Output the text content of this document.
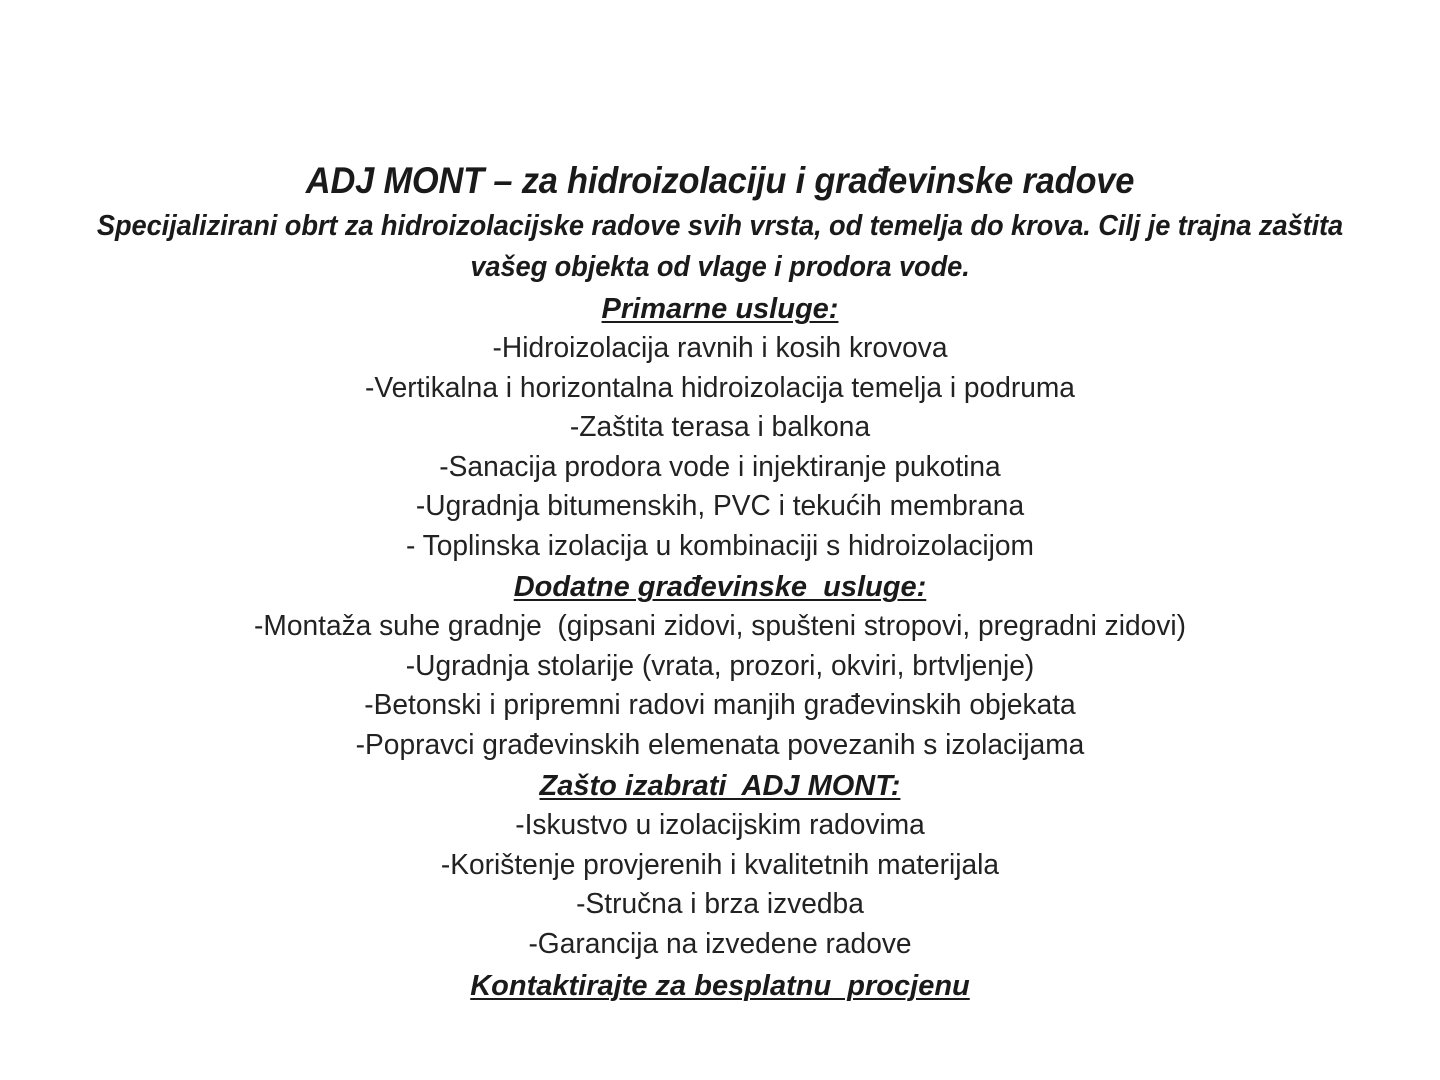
ADJ MONT – za hidroizolaciju i građevinske radove

Specijalizirani obrt za hidroizolacijske radove svih vrsta, od temelja do krova. Cilj je trajna zaštita vašeg objekta od vlage i prodora vode.

Primarne usluge:
-Hidroizolacija ravnih i kosih krovova
-Vertikalna i horizontalna hidroizolacija temelja i podruma
-Zaštita terasa i balkona
-Sanacija prodora vode i injektiranje pukotina
-Ugradnja bitumenskih, PVC i tekućih membrana
- Toplinska izolacija u kombinaciji s hidroizolacijom
Dodatne građevinske  usluge:
-Montaža suhe gradnje  (gipsani zidovi, spušteni stropovi, pregradni zidovi)
-Ugradnja stolarije (vrata, prozori, okviri, brtvljenje)
-Betonski i pripremni radovi manjih građevinskih objekata
-Popravci građevinskih elemenata povezanih s izolacijama
Zašto izabrati  ADJ MONT:
-Iskustvo u izolacijskim radovima
-Korištenje provjerenih i kvalitetnih materijala
-Stručna i brza izvedba
-Garancija na izvedene radove
Kontaktirajte za besplatnu  procjenu
